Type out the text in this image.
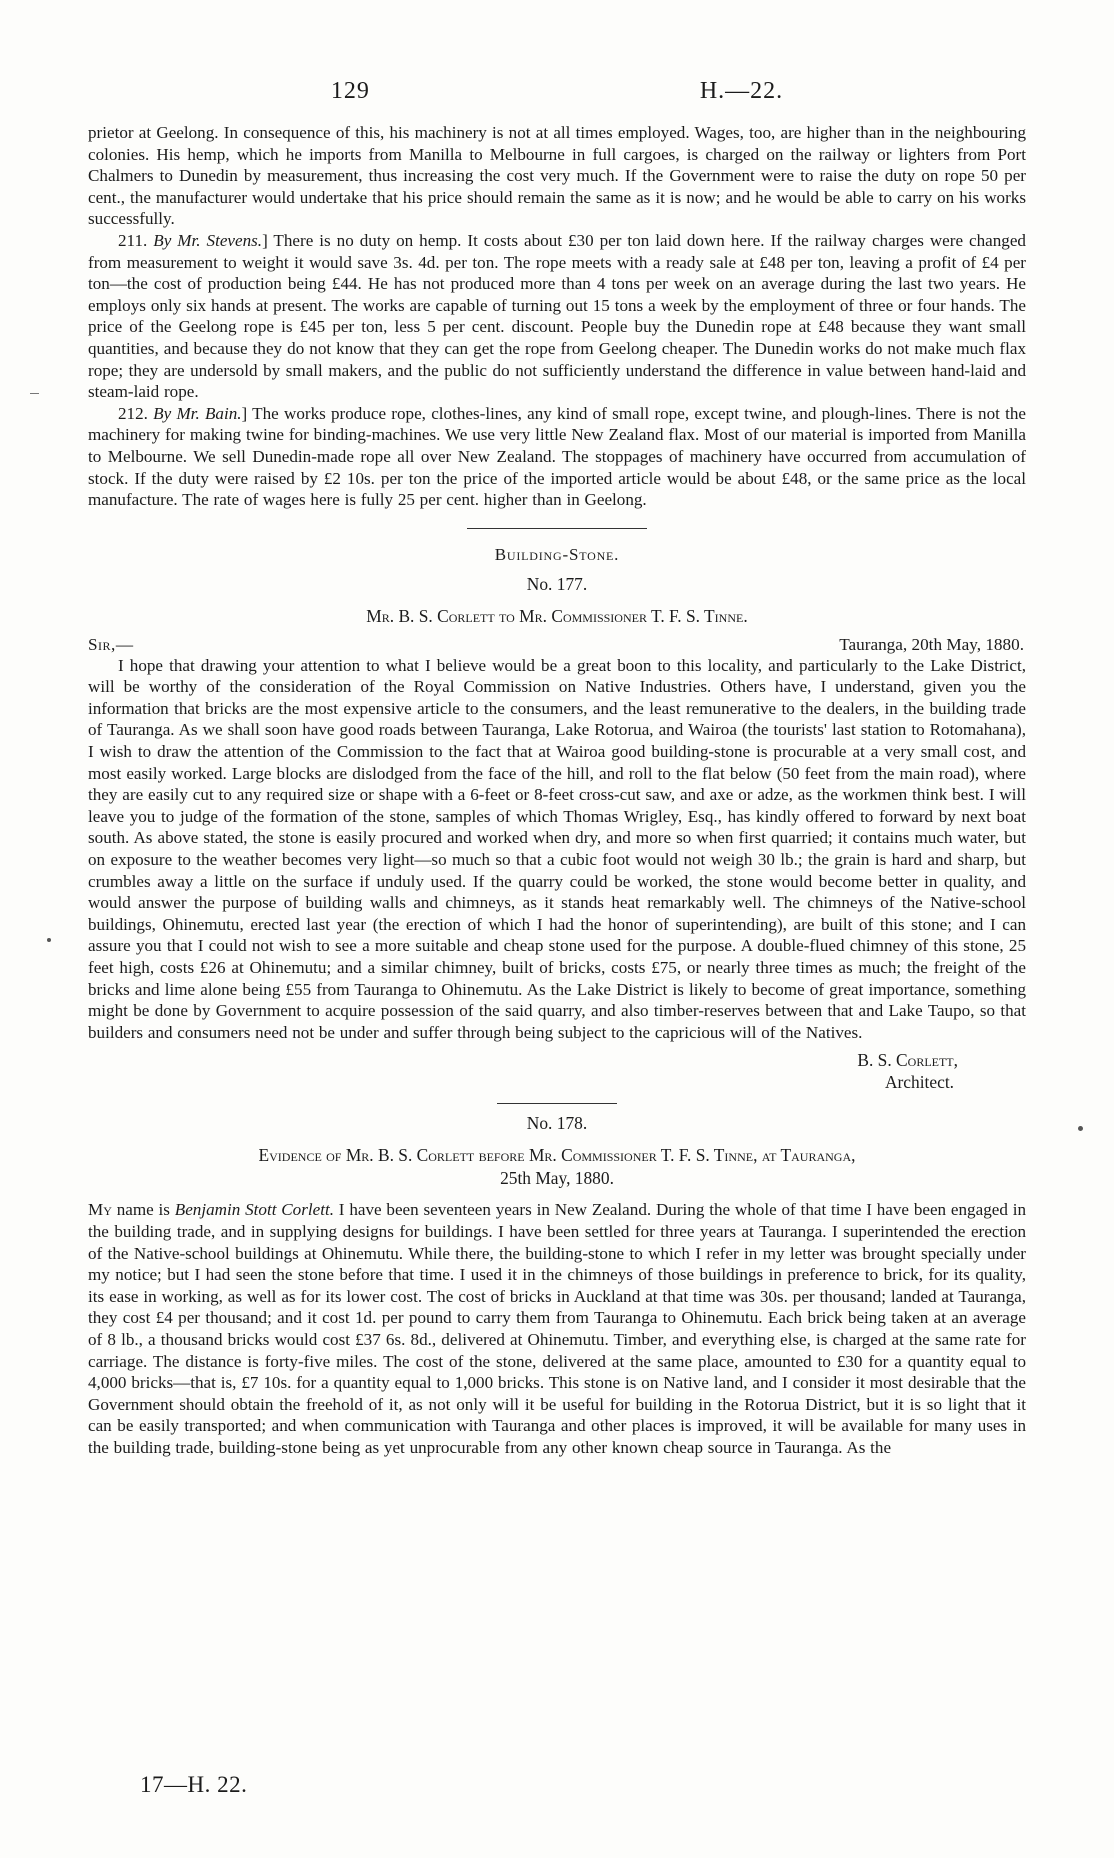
129	H.—22.

prietor at Geelong. In consequence of this, his machinery is not at all times employed. Wages, too, are higher than in the neighbouring colonies. His hemp, which he imports from Manilla to Melbourne in full cargoes, is charged on the railway or lighters from Port Chalmers to Dunedin by measurement, thus increasing the cost very much. If the Government were to raise the duty on rope 50 per cent., the manufacturer would undertake that his price should remain the same as it is now; and he would be able to carry on his works successfully.

211. By Mr. Stevens.] There is no duty on hemp. It costs about £30 per ton laid down here. If the railway charges were changed from measurement to weight it would save 3s. 4d. per ton. The rope meets with a ready sale at £48 per ton, leaving a profit of £4 per ton—the cost of production being £44. He has not produced more than 4 tons per week on an average during the last two years. He employs only six hands at present. The works are capable of turning out 15 tons a week by the employment of three or four hands. The price of the Geelong rope is £45 per ton, less 5 per cent. discount. People buy the Dunedin rope at £48 because they want small quantities, and because they do not know that they can get the rope from Geelong cheaper. The Dunedin works do not make much flax rope; they are undersold by small makers, and the public do not sufficiently understand the difference in value between hand-laid and steam-laid rope.

212. By Mr. Bain.] The works produce rope, clothes-lines, any kind of small rope, except twine, and plough-lines. There is not the machinery for making twine for binding-machines. We use very little New Zealand flax. Most of our material is imported from Manilla to Melbourne. We sell Dunedin-made rope all over New Zealand. The stoppages of machinery have occurred from accumulation of stock. If the duty were raised by £2 10s. per ton the price of the imported article would be about £48, or the same price as the local manufacture. The rate of wages here is fully 25 per cent. higher than in Geelong.

Building-Stone.
No. 177.
Mr. B. S. Corlett to Mr. Commissioner T. F. S. Tinne.
Sir,—	Tauranga, 20th May, 1880.

I hope that drawing your attention to what I believe would be a great boon to this locality, and particularly to the Lake District, will be worthy of the consideration of the Royal Commission on Native Industries. Others have, I understand, given you the information that bricks are the most expensive article to the consumers, and the least remunerative to the dealers, in the building trade of Tauranga. As we shall soon have good roads between Tauranga, Lake Rotorua, and Wairoa (the tourists' last station to Rotomahana), I wish to draw the attention of the Commission to the fact that at Wairoa good building-stone is procurable at a very small cost, and most easily worked. Large blocks are dislodged from the face of the hill, and roll to the flat below (50 feet from the main road), where they are easily cut to any required size or shape with a 6-feet or 8-feet cross-cut saw, and axe or adze, as the workmen think best. I will leave you to judge of the formation of the stone, samples of which Thomas Wrigley, Esq., has kindly offered to forward by next boat south. As above stated, the stone is easily procured and worked when dry, and more so when first quarried; it contains much water, but on exposure to the weather becomes very light—so much so that a cubic foot would not weigh 30 lb.; the grain is hard and sharp, but crumbles away a little on the surface if unduly used. If the quarry could be worked, the stone would become better in quality, and would answer the purpose of building walls and chimneys, as it stands heat remarkably well. The chimneys of the Native-school buildings, Ohinemutu, erected last year (the erection of which I had the honor of superintending), are built of this stone; and I can assure you that I could not wish to see a more suitable and cheap stone used for the purpose. A double-flued chimney of this stone, 25 feet high, costs £26 at Ohinemutu; and a similar chimney, built of bricks, costs £75, or nearly three times as much; the freight of the bricks and lime alone being £55 from Tauranga to Ohinemutu. As the Lake District is likely to become of great importance, something might be done by Government to acquire possession of the said quarry, and also timber-reserves between that and Lake Taupo, so that builders and consumers need not be under and suffer through being subject to the capricious will of the Natives.

B. S. Corlett,
Architect.
No. 178.
Evidence of Mr. B. S. Corlett before Mr. Commissioner T. F. S. Tinne, at Tauranga,
25th May, 1880.

My name is Benjamin Stott Corlett. I have been seventeen years in New Zealand. During the whole of that time I have been engaged in the building trade, and in supplying designs for buildings. I have been settled for three years at Tauranga. I superintended the erection of the Native-school buildings at Ohinemutu. While there, the building-stone to which I refer in my letter was brought specially under my notice; but I had seen the stone before that time. I used it in the chimneys of those buildings in preference to brick, for its quality, its ease in working, as well as for its lower cost. The cost of bricks in Auckland at that time was 30s. per thousand; landed at Tauranga, they cost £4 per thousand; and it cost 1d. per pound to carry them from Tauranga to Ohinemutu. Each brick being taken at an average of 8 lb., a thousand bricks would cost £37 6s. 8d., delivered at Ohinemutu. Timber, and everything else, is charged at the same rate for carriage. The distance is forty-five miles. The cost of the stone, delivered at the same place, amounted to £30 for a quantity equal to 4,000 bricks—that is, £7 10s. for a quantity equal to 1,000 bricks. This stone is on Native land, and I consider it most desirable that the Government should obtain the freehold of it, as not only will it be useful for building in the Rotorua District, but it is so light that it can be easily transported; and when communication with Tauranga and other places is improved, it will be available for many uses in the building trade, building-stone being as yet unprocurable from any other known cheap source in Tauranga. As the

17—H. 22.
